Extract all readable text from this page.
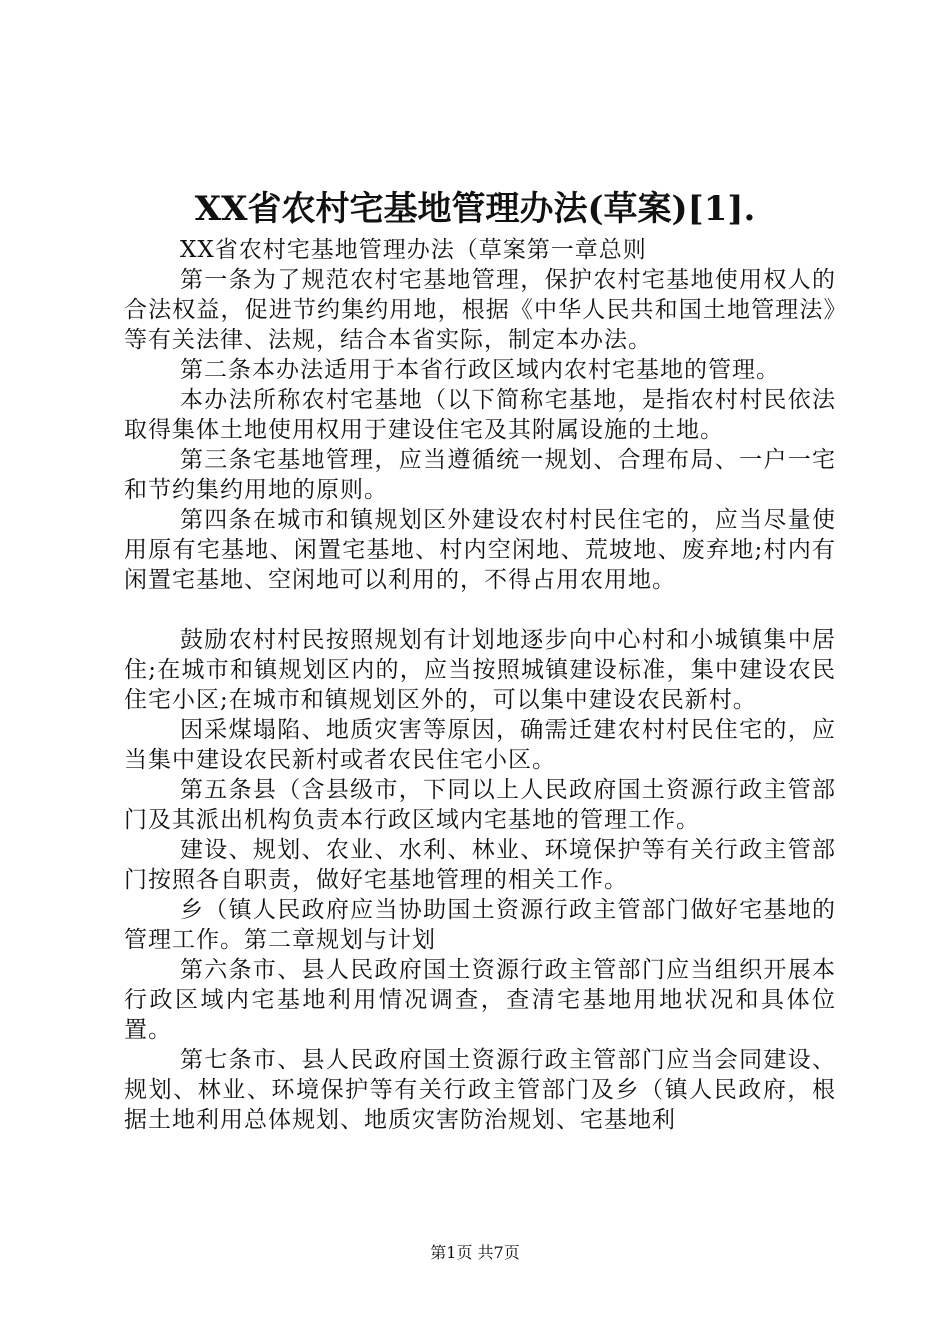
XX省农村宅基地管理办法(草案)[1].

XX省农村宅基地管理办法（草案第一章总则

第一条为了规范农村宅基地管理，保护农村宅基地使用权人的合法权益，促进节约集约用地，根据《中华人民共和国土地管理法》等有关法律、法规，结合本省实际，制定本办法。

第二条本办法适用于本省行政区域内农村宅基地的管理。

本办法所称农村宅基地（以下简称宅基地，是指农村村民依法取得集体土地使用权用于建设住宅及其附属设施的土地。

第三条宅基地管理，应当遵循统一规划、合理布局、一户一宅和节约集约用地的原则。

第四条在城市和镇规划区外建设农村村民住宅的，应当尽量使用原有宅基地、闲置宅基地、村内空闲地、荒坡地、废弃地;村内有闲置宅基地、空闲地可以利用的，不得占用农用地。

鼓励农村村民按照规划有计划地逐步向中心村和小城镇集中居住;在城市和镇规划区内的，应当按照城镇建设标准，集中建设农民住宅小区;在城市和镇规划区外的，可以集中建设农民新村。

因采煤塌陷、地质灾害等原因，确需迁建农村村民住宅的，应当集中建设农民新村或者农民住宅小区。

第五条县（含县级市，下同以上人民政府国土资源行政主管部门及其派出机构负责本行政区域内宅基地的管理工作。

建设、规划、农业、水利、林业、环境保护等有关行政主管部门按照各自职责，做好宅基地管理的相关工作。

乡（镇人民政府应当协助国土资源行政主管部门做好宅基地的管理工作。第二章规划与计划

第六条市、县人民政府国土资源行政主管部门应当组织开展本行政区域内宅基地利用情况调查，查清宅基地用地状况和具体位置。

第七条市、县人民政府国土资源行政主管部门应当会同建设、规划、林业、环境保护等有关行政主管部门及乡（镇人民政府，根据土地利用总体规划、地质灾害防治规划、宅基地利

第1页 共7页
